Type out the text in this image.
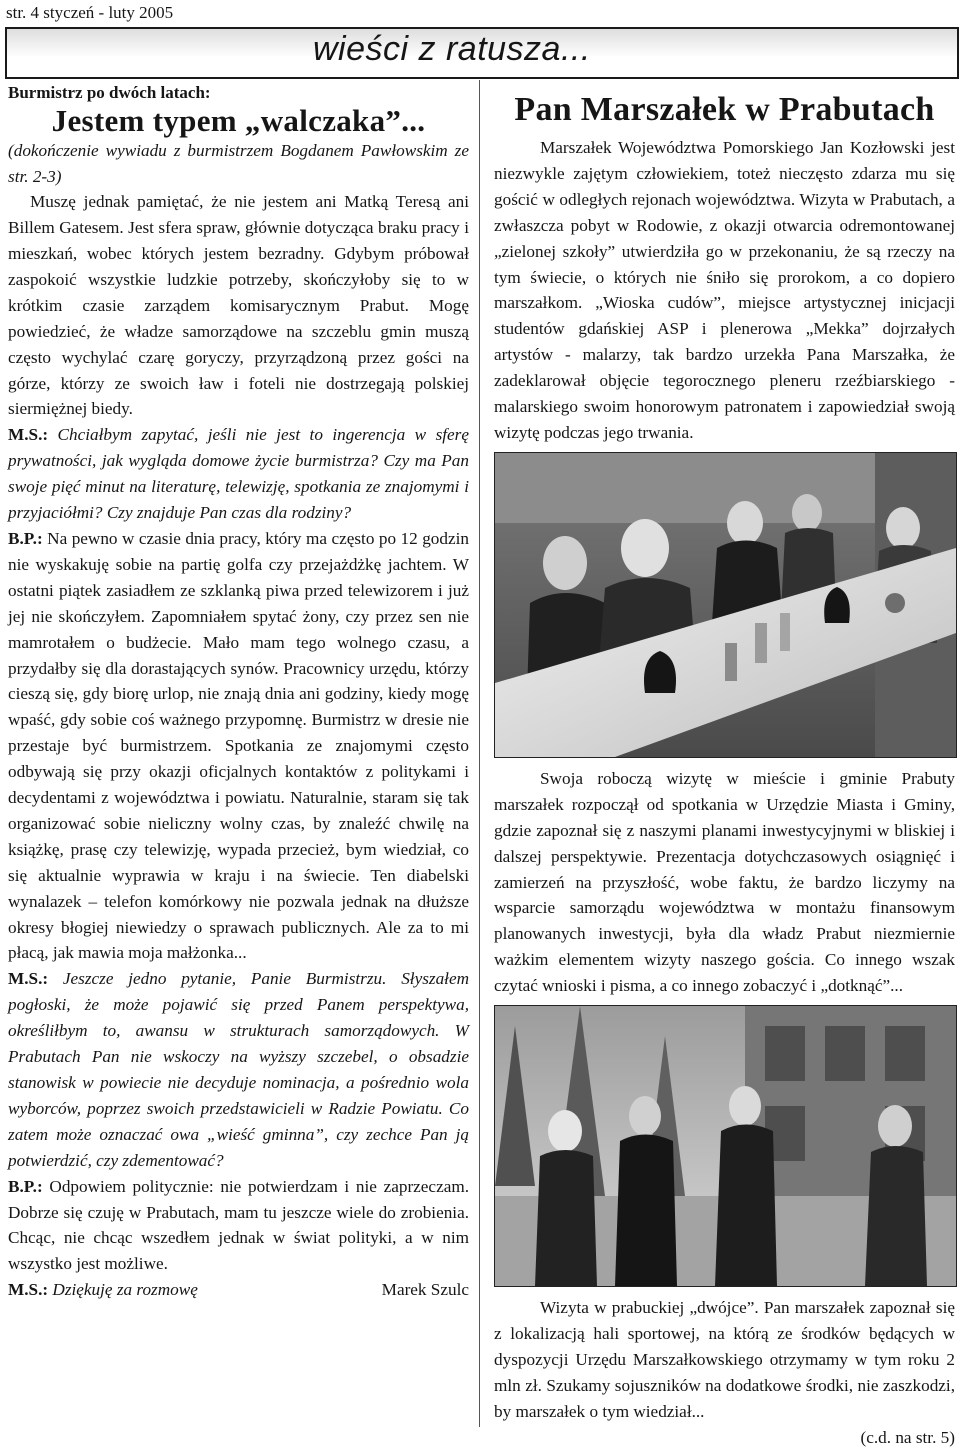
str. 4 styczeń - luty 2005
wieści z ratusza...
Burmistrz po dwóch latach:
Jestem typem „walczaka”...
(dokończenie wywiadu z burmistrzem Bogdanem Pawłowskim ze str. 2-3)

Muszę jednak pamiętać, że nie jestem ani Matką Teresą ani Billem Gatesem. Jest sfera spraw, głównie dotycząca braku pracy i mieszkań, wobec których jestem bezradny. Gdybym próbował zaspokoić wszystkie ludzkie potrzeby, skończyłoby się to w krótkim czasie zarządem komisarycznym Prabut. Mogę powiedzieć, że władze samorządowe na szczeblu gmin muszą często wychylać czarę goryczy, przyrządzoną przez gości na górze, którzy ze swoich ław i foteli nie dostrzegają polskiej siermiężnej biedy.

M.S.: Chciałbym zapytać, jeśli nie jest to ingerencja w sferę prywatności, jak wygląda domowe życie burmistrza? Czy ma Pan swoje pięć minut na literaturę, telewizję, spotkania ze znajomymi i przyjaciółmi? Czy znajduje Pan czas dla rodziny?

B.P.: Na pewno w czasie dnia pracy, który ma często po 12 godzin nie wyskakuję sobie na partię golfa czy przejażdżkę jachtem. W ostatni piątek zasiadłem ze szklanką piwa przed telewizorem i już jej nie skończyłem. Zapomniałem spytać żony, czy przez sen nie mamrotałem o budżecie. Mało mam tego wolnego czasu, a przydałby się dla dorastających synów. Pracownicy urzędu, którzy cieszą się, gdy biorę urlop, nie znają dnia ani godziny, kiedy mogę wpaść, gdy sobie coś ważnego przypomnę. Burmistrz w dresie nie przestaje być burmistrzem. Spotkania ze znajomymi często odbywają się przy okazji oficjalnych kontaktów z politykami i decydentami z województwa i powiatu. Naturalnie, staram się tak organizować sobie nieliczny wolny czas, by znaleźć chwilę na książkę, prasę czy telewizję, wypada przecież, bym wiedział, co się aktualnie wyprawia w kraju i na świecie. Ten diabelski wynalazek – telefon komórkowy nie pozwala jednak na dłuższe okresy błogiej niewiedzy o sprawach publicznych. Ale za to mi płacą, jak mawia moja małżonka...

M.S.: Jeszcze jedno pytanie, Panie Burmistrzu. Słyszałem pogłoski, że może pojawić się przed Panem perspektywa, określiłbym to, awansu w strukturach samorządowych. W Prabutach Pan nie wskoczy na wyższy szczebel, o obsadzie stanowisk w powiecie nie decyduje nominacja, a pośrednio wola wyborców, poprzez swoich przedstawicieli w Radzie Powiatu. Co zatem może oznaczać owa „wieść gminna”, czy zechce Pan ją potwierdzić, czy zdementować?

B.P.: Odpowiem politycznie: nie potwierdzam i nie zaprzeczam. Dobrze się czuję w Prabutach, mam tu jeszcze wiele do zrobienia. Chcąc, nie chcąc wszedłem jednak w świat polityki, a w nim wszystko jest możliwe.

M.S.: Dziękuję za rozmowę	Marek Szulc
Pan Marszałek w Prabutach

Marszałek Województwa Pomorskiego Jan Kozłowski jest niezwykle zajętym człowiekiem, toteż nieczęsto zdarza mu się gościć w odległych rejonach województwa. Wizyta w Prabutach, a zwłaszcza pobyt w Rodowie, z okazji otwarcia odremontowanej „zielonej szkoły” utwierdziła go w przekonaniu, że są rzeczy na tym świecie, o których nie śniło się prorokom, a co dopiero marszałkom. „Wioska cudów”, miejsce artystycznej inicjacji studentów gdańskiej ASP i plenerowa „Mekka” dojrzałych artystów - malarzy, tak bardzo urzekła Pana Marszałka, że zadeklarował objęcie tegorocznego pleneru rzeźbiarskiego - malarskiego swoim honorowym patronatem i zapowiedział swoją wizytę podczas jego trwania.

Swoja roboczą wizytę w mieście i gminie Prabuty marszałek rozpoczął od spotkania w Urzędzie Miasta i Gminy, gdzie zapoznał się z naszymi planami inwestycyjnymi w bliskiej i dalszej perspektywie. Prezentacja dotychczasowych osiągnięć i zamierzeń na przyszłość, wobe faktu, że bardzo liczymy na wsparcie samorządu województwa w montażu finansowym planowanych inwestycji, była dla władz Prabut niezmiernie ważkim elementem wizyty naszego gościa. Co innego wszak czytać wnioski i pisma, a co innego zobaczyć i „dotknąć”...

Wizyta w prabuckiej „dwójce”. Pan marszałek zapoznał się z lokalizacją hali sportowej, na którą ze środków będących w dyspozycji Urzędu Marszałkowskiego otrzymamy w tym roku 2 mln zł. Szukamy sojuszników na dodatkowe środki, nie zaszkodzi, by marszałek o tym wiedział...

(c.d. na str. 5)
